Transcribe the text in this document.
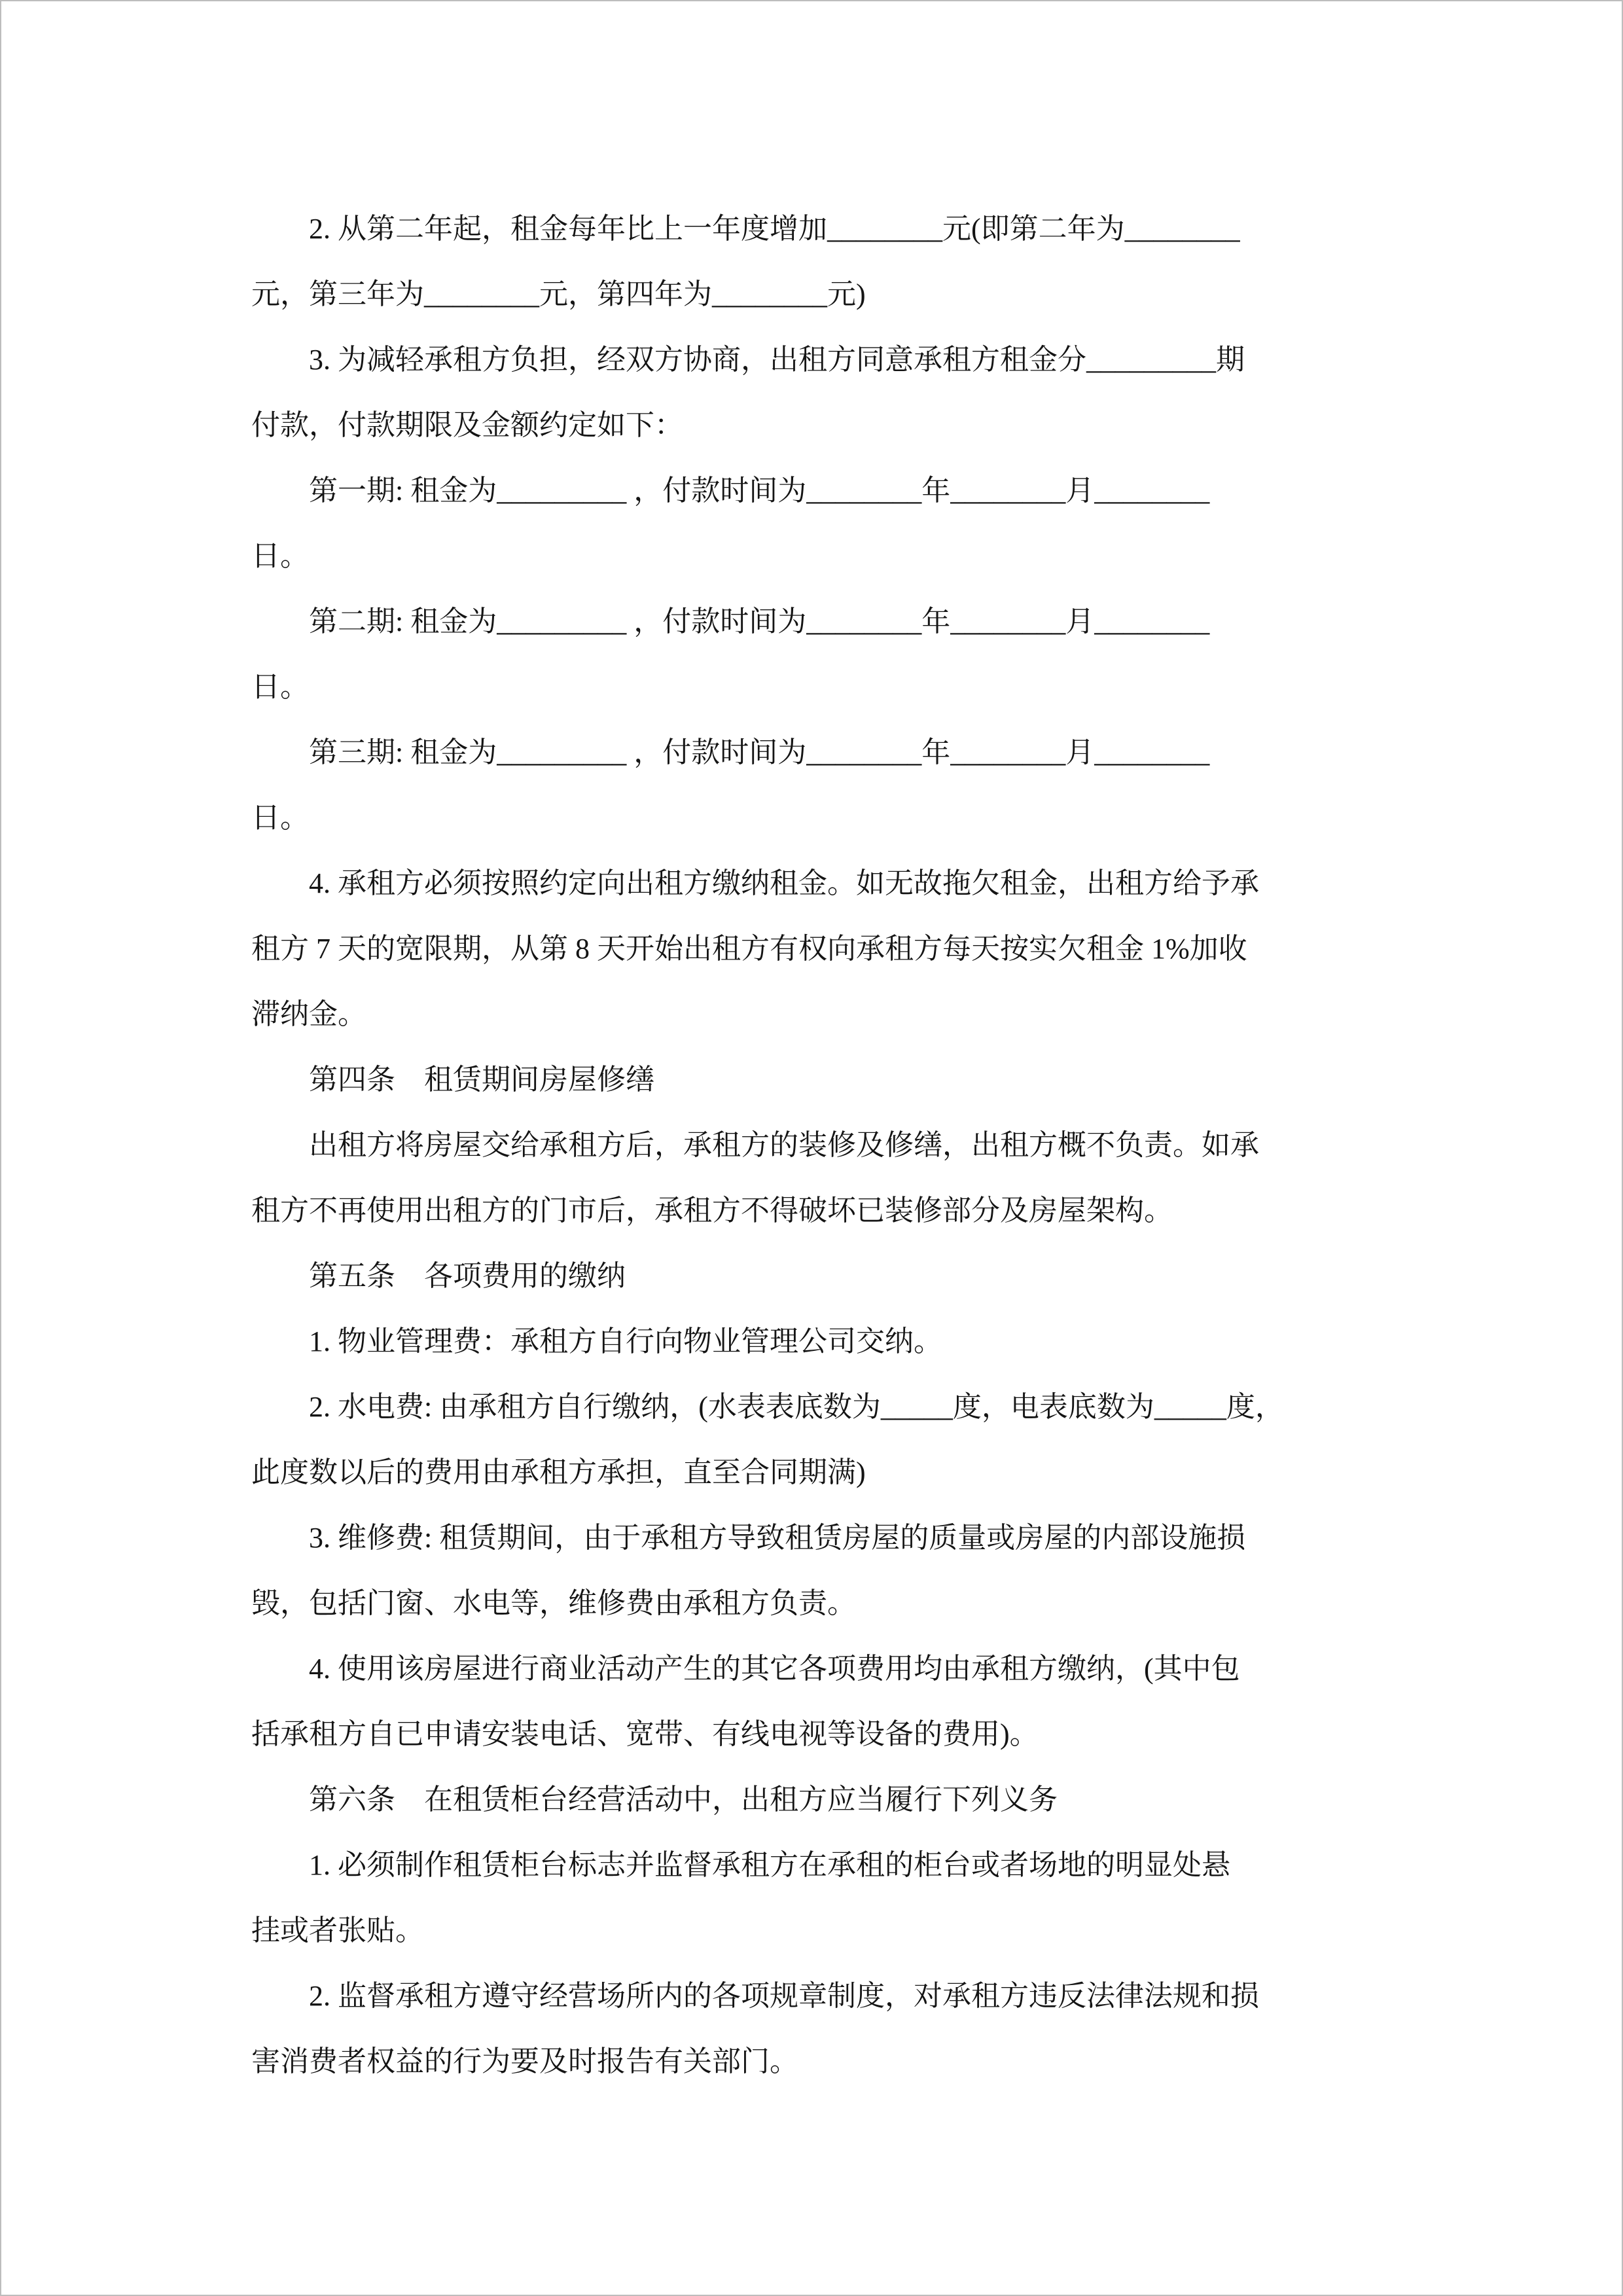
2. 从第二年起，租金每年比上一年度增加________元(即第二年为________

元，第三年为________元，第四年为________元)

3. 为减轻承租方负担，经双方协商，出租方同意承租方租金分_________期

付款，付款期限及金额约定如下：

第一期: 租金为_________ ，付款时间为________年________月________

日。

第二期: 租金为_________ ，付款时间为________年________月________

日。

第三期: 租金为_________ ，付款时间为________年________月________

日。

4. 承租方必须按照约定向出租方缴纳租金。如无故拖欠租金，出租方给予承

租方 7 天的宽限期，从第 8 天开始出租方有权向承租方每天按实欠租金 1%加收

滞纳金。

第四条　租赁期间房屋修缮

出租方将房屋交给承租方后，承租方的装修及修缮，出租方概不负责。如承

租方不再使用出租方的门市后，承租方不得破坏已装修部分及房屋架构。

第五条　各项费用的缴纳

1. 物业管理费：承租方自行向物业管理公司交纳。

2. 水电费: 由承租方自行缴纳，(水表表底数为_____度，电表底数为_____度，

此度数以后的费用由承租方承担，直至合同期满)

3. 维修费: 租赁期间，由于承租方导致租赁房屋的质量或房屋的内部设施损

毁，包括门窗、水电等，维修费由承租方负责。

4. 使用该房屋进行商业活动产生的其它各项费用均由承租方缴纳，(其中包

括承租方自已申请安装电话、宽带、有线电视等设备的费用)。

第六条　在租赁柜台经营活动中，出租方应当履行下列义务

1. 必须制作租赁柜台标志并监督承租方在承租的柜台或者场地的明显处悬

挂或者张贴。

2. 监督承租方遵守经营场所内的各项规章制度，对承租方违反法律法规和损

害消费者权益的行为要及时报告有关部门。
